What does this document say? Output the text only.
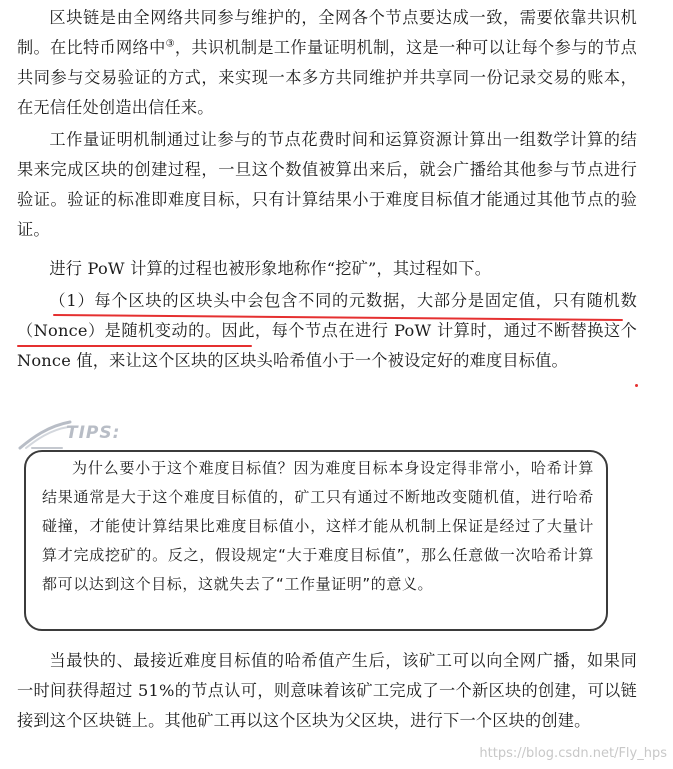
区块链是由全网络共同参与维护的，全网各个节点要达成一致，需要依靠共识机制。在比特币网络中③，共识机制是工作量证明机制，这是一种可以让每个参与的节点共同参与交易验证的方式，来实现一本多方共同维护并共享同一份记录交易的账本，在无信任处创造出信任来。

工作量证明机制通过让参与的节点花费时间和运算资源计算出一组数学计算的结果来完成区块的创建过程，一旦这个数值被算出来后，就会广播给其他参与节点进行验证。验证的标准即难度目标，只有计算结果小于难度目标值才能通过其他节点的验证。

进行 PoW 计算的过程也被形象地称作“挖矿”，其过程如下。

（1）每个区块的区块头中会包含不同的元数据，大部分是固定值，只有随机数（Nonce）是随机变动的。因此，每个节点在进行 PoW 计算时，通过不断替换这个 Nonce 值，来让这个区块的区块头哈希值小于一个被设定好的难度目标值。

TIPS:

为什么要小于这个难度目标值？因为难度目标本身设定得非常小，哈希计算结果通常是大于这个难度目标值的，矿工只有通过不断地改变随机值，进行哈希碰撞，才能使计算结果比难度目标值小，这样才能从机制上保证是经过了大量计算才完成挖矿的。反之，假设规定“大于难度目标值”，那么任意做一次哈希计算都可以达到这个目标，这就失去了“工作量证明”的意义。

当最快的、最接近难度目标值的哈希值产生后，该矿工可以向全网广播，如果同一时间获得超过 51%的节点认可，则意味着该矿工完成了一个新区块的创建，可以链接到这个区块链上。其他矿工再以这个区块为父区块，进行下一个区块的创建。

https://blog.csdn.net/Fly_hps
